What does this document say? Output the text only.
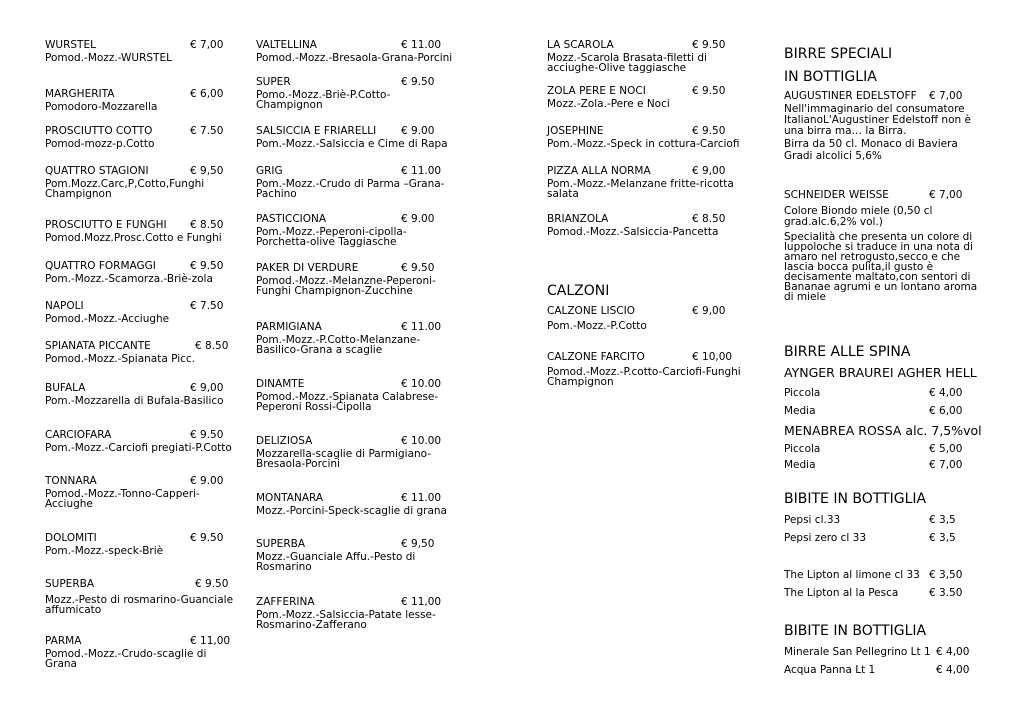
WURSTEL	€ 7,00
Pomod.-Mozz.-WURSTEL
MARGHERITA	€ 6,00
Pomodoro-Mozzarella
PROSCIUTTO COTTO	€ 7.50
Pomod-mozz-p.Cotto
QUATTRO STAGIONI	€ 9,50
Pom.Mozz.Carc,P,Cotto,Funghi Champignon
PROSCIUTTO E FUNGHI € 8.50
Pomod.Mozz.Prosc.Cotto e Funghi
QUATTRO FORMAGGI	€ 9.50
Pom.-Mozz.-Scamorza.-Briè-zola
NAPOLI	€ 7.50
Pomod.-Mozz.-Acciughe
SPIANATA PICCANTE	€ 8.50
Pomod.-Mozz.-Spianata Picc.
BUFALA	€ 9,00
Pom.-Mozzarella di Bufala-Basilico
CARCIOFARA	€ 9.50
Pom.-Mozz.-Carciofi pregiati-P.Cotto
TONNARA	€ 9.00
Pomod.-Mozz.-Tonno-Capperi-Acciughe
DOLOMITI	€ 9.50
Pom.-Mozz.-speck-Briè
SUPERBA	€ 9.50
Mozz.-Pesto di rosmarino-Guanciale affumicato
PARMA	€ 11,00
Pomod.-Mozz.-Crudo-scaglie di Grana
VALTELLINA	€ 11.00
Pomod.-Mozz.-Bresaola-Grana-Porcini
SUPER	€ 9.50
Pomo.-Mozz.-Briè-P.Cotto-Champignon
SALSICCIA E FRIARELLI € 9.00
Pom.-Mozz.-Salsiccia e Cime di Rapa
GRIG	€ 11.00
Pom.-Mozz.-Crudo di Parma –Grana-Pachino
PASTICCIONA	€ 9.00
Pom.-Mozz.-Peperoni-cipolla-Porchetta-olive Taggiasche
PAKER DI VERDURE	€ 9.50
Pomod.-Mozz.-Melanzne-Peperoni-Funghi Champignon-Zucchine
PARMIGIANA	€ 11.00
Pom.-Mozz.-P.Cotto-Melanzane-Basilico-Grana a scaglie
DINAMTE	€ 10.00
Pomod.-Mozz.-Spianata Calabrese-Peperoni Rossi-Cipolla
DELIZIOSA	€ 10.00
Mozzarella-scaglie di Parmigiano-Bresaola-Porcini
MONTANARA	€ 11.00
Mozz.-Porcini-Speck-scaglie di grana
SUPERBA	€ 9,50
Mozz.-Guanciale Affu.-Pesto di Rosmarino
ZAFFERINA	€ 11,00
Pom.-Mozz.-Salsiccia-Patate lesse-Rosmarino-Zafferano
LA SCAROLA	€ 9.50
Mozz.-Scarola Brasata-filetti di acciughe-Olive taggiasche
ZOLA PERE E NOCI	€ 9.50
Mozz.-Zola.-Pere e Noci
JOSEPHINE	€ 9.50
Pom.-Mozz.-Speck in cottura-Carciofi
PIZZA ALLA NORMA	€ 9,00
Pom.-Mozz.-Melanzane fritte-ricotta salata
BRIANZOLA	€ 8.50
Pomod.-Mozz.-Salsiccia-Pancetta
CALZONI
CALZONE LISCIO	€ 9,00
Pom.-Mozz.-P.Cotto
CALZONE FARCITO	€ 10,00
Pomod.-Mozz.-P.cotto-Carciofi-Funghi Champignon
BIRRE SPECIALI
IN BOTTIGLIA
AUGUSTINER EDELSTOFF € 7,00
Nell'immaginario del consumatore ItalianoL'Augustiner Edelstoff non è una birra ma… la Birra.
Birra da 50 cl. Monaco di Baviera
Gradi alcolici 5,6%
SCHNEIDER WEISSE	€ 7,00
Colore Biondo miele (0,50 cl grad.alc.6,2% vol.)
Specialità che presenta un colore di luppoloche si traduce in una nota di amaro nel retrogusto,secco e che lascia bocca pulita,il gusto è decisamente maltato,con sentori di Bananae agrumi e un lontano aroma di miele
BIRRE ALLE SPINA
AYNGER BRAUREI AGHER HELL
Piccola	€ 4,00
Media	€ 6,00
MENABREA ROSSA alc. 7,5%vol
Piccola	€ 5,00
Media	€ 7,00
BIBITE IN BOTTIGLIA
Pepsi cl.33	€ 3,5
Pepsi zero cl 33	€ 3,5
The Lipton al limone cl 33 € 3,50
The Lipton al la Pesca	€ 3.50
BIBITE IN BOTTIGLIA
Minerale San Pellegrino Lt 1 € 4,00
Acqua Panna Lt 1	€ 4,00
